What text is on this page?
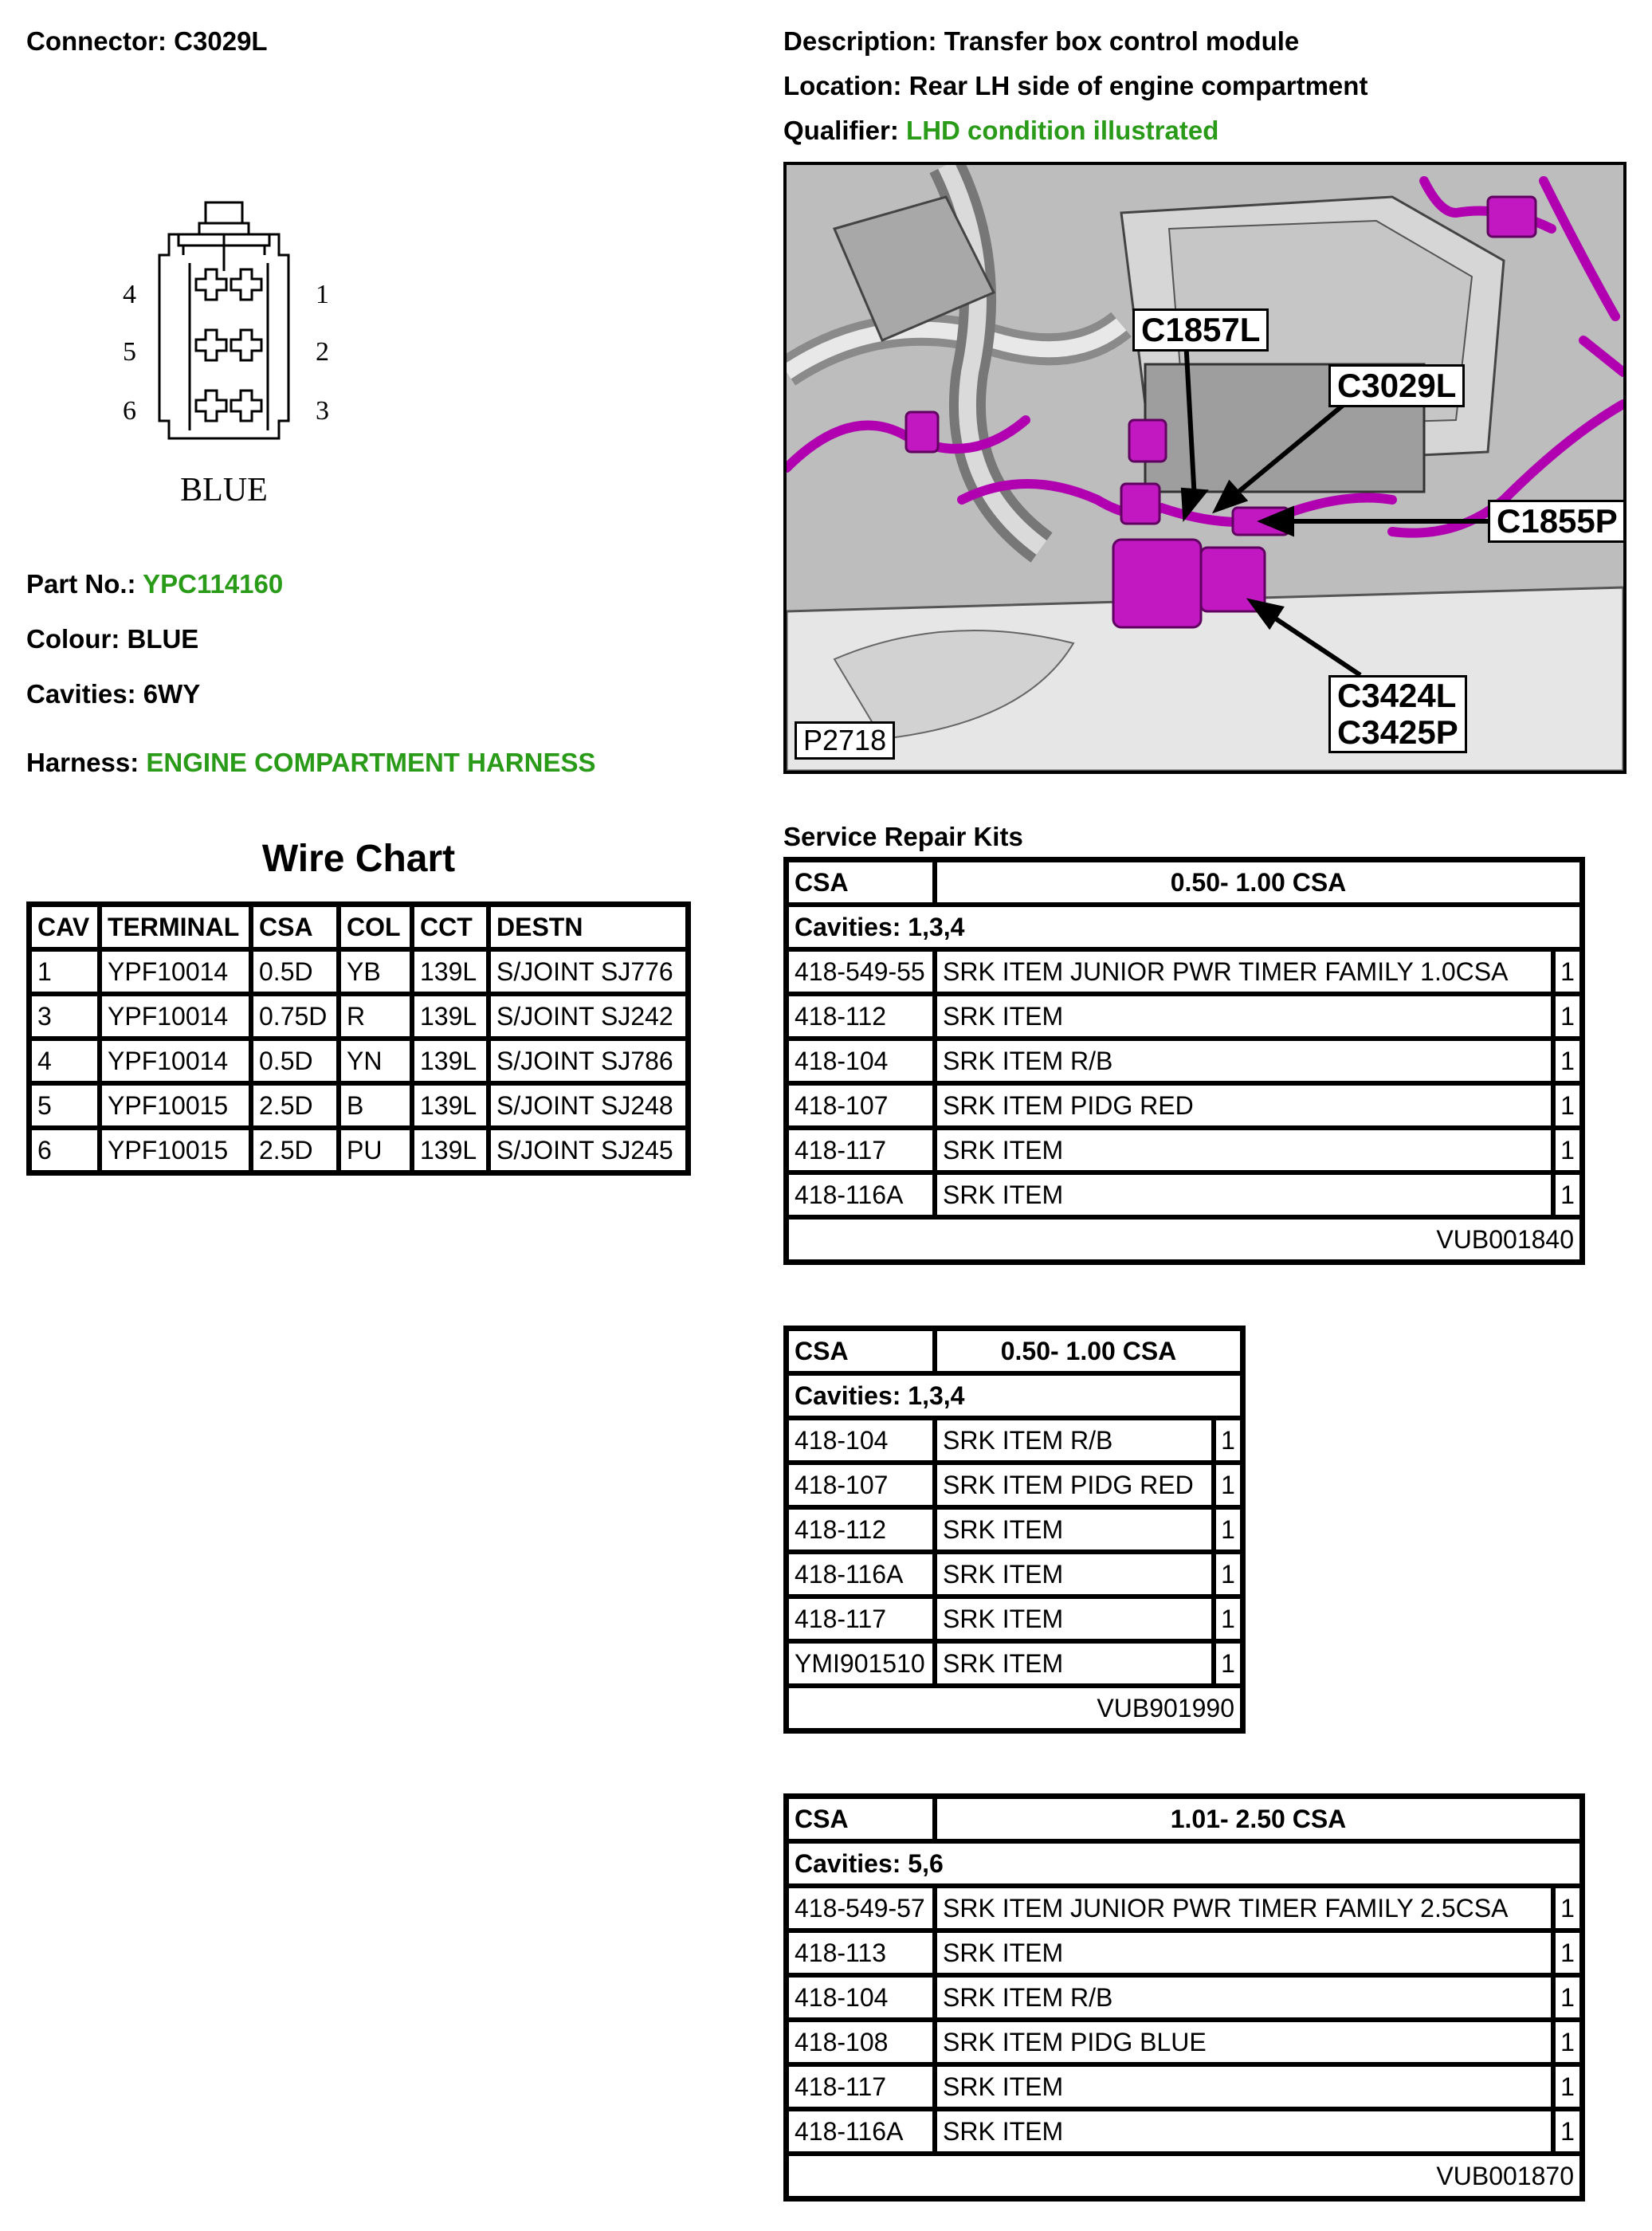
Connector: C3029L
4	1
5	2
6	3
BLUE
Part No.: YPC114160
Colour: BLUE
Cavities: 6WY
Harness: ENGINE COMPARTMENT HARNESS
Description: Transfer box control module
Location: Rear LH side of engine compartment
Qualifier: LHD condition illustrated
C1857L
C3029L
C1855P
C3424L
C3425P
P2718
Wire Chart
CAV	TERMINAL	CSA	COL	CCT	DESTN
1	YPF10014	0.5D	YB	139L	S/JOINT SJ776
3	YPF10014	0.75D	R	139L	S/JOINT SJ242
4	YPF10014	0.5D	YN	139L	S/JOINT SJ786
5	YPF10015	2.5D	B	139L	S/JOINT SJ248
6	YPF10015	2.5D	PU	139L	S/JOINT SJ245
Service Repair Kits
CSA	0.50- 1.00 CSA	
Cavities: 1,3,4		
418-549-55	SRK ITEM JUNIOR PWR TIMER FAMILY 1.0CSA	1
418-112	SRK ITEM	1
418-104	SRK ITEM R/B	1
418-107	SRK ITEM PIDG RED	1
418-117	SRK ITEM	1
418-116A	SRK ITEM	1
VUB001840		
CSA	0.50- 1.00 CSA	
Cavities: 1,3,4		
418-104	SRK ITEM R/B	1
418-107	SRK ITEM PIDG RED	1
418-112	SRK ITEM	1
418-116A	SRK ITEM	1
418-117	SRK ITEM	1
YMI901510	SRK ITEM	1
VUB901990		
CSA	1.01- 2.50 CSA	
Cavities: 5,6		
418-549-57	SRK ITEM JUNIOR PWR TIMER FAMILY 2.5CSA	1
418-113	SRK ITEM	1
418-104	SRK ITEM R/B	1
418-108	SRK ITEM PIDG BLUE	1
418-117	SRK ITEM	1
418-116A	SRK ITEM	1
VUB001870		
